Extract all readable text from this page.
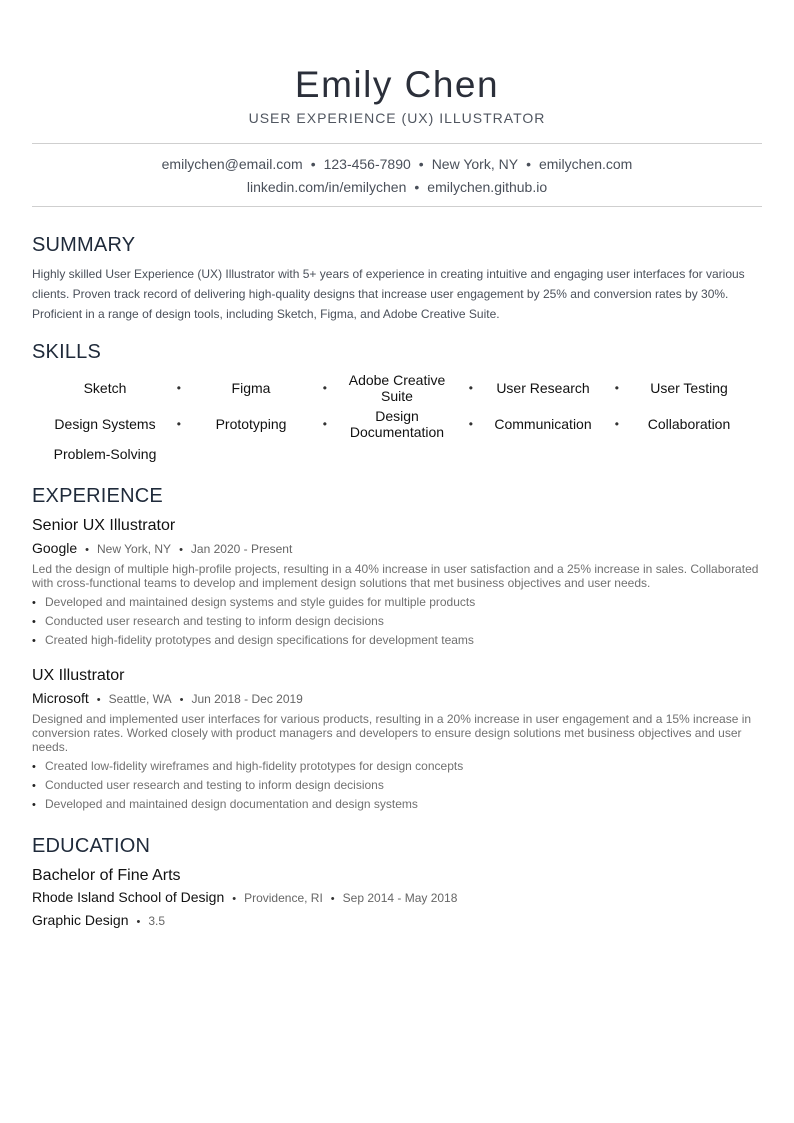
Emily Chen
USER EXPERIENCE (UX) ILLUSTRATOR
emilychen@email.com • 123-456-7890 • New York, NY • emilychen.com
linkedin.com/in/emilychen • emilychen.github.io
SUMMARY

Highly skilled User Experience (UX) Illustrator with 5+ years of experience in creating intuitive and engaging user interfaces for various clients. Proven track record of delivering high-quality designs that increase user engagement by 25% and conversion rates by 30%. Proficient in a range of design tools, including Sketch, Figma, and Adobe Creative Suite.

SKILLS
Sketch	•	Figma	•	Adobe Creative Suite	• User Research • User Testing
Design Systems • Prototyping	•	Design Documentation	• Communication • Collaboration
Problem-Solving
EXPERIENCE
Senior UX Illustrator
Google • New York, NY • Jan 2020 - Present
Led the design of multiple high-profile projects, resulting in a 40% increase in user satisfaction and a 25% increase in sales. Collaborated with cross-functional teams to develop and implement design solutions that met business objectives and user needs.
• Developed and maintained design systems and style guides for multiple products
• Conducted user research and testing to inform design decisions
• Created high-fidelity prototypes and design specifications for development teams
UX Illustrator
Microsoft • Seattle, WA • Jun 2018 - Dec 2019
Designed and implemented user interfaces for various products, resulting in a 20% increase in user engagement and a 15% increase in conversion rates. Worked closely with product managers and developers to ensure design solutions met business objectives and user needs.
• Created low-fidelity wireframes and high-fidelity prototypes for design concepts
• Conducted user research and testing to inform design decisions
• Developed and maintained design documentation and design systems
EDUCATION
Bachelor of Fine Arts
Rhode Island School of Design • Providence, RI • Sep 2014 - May 2018
Graphic Design • 3.5
